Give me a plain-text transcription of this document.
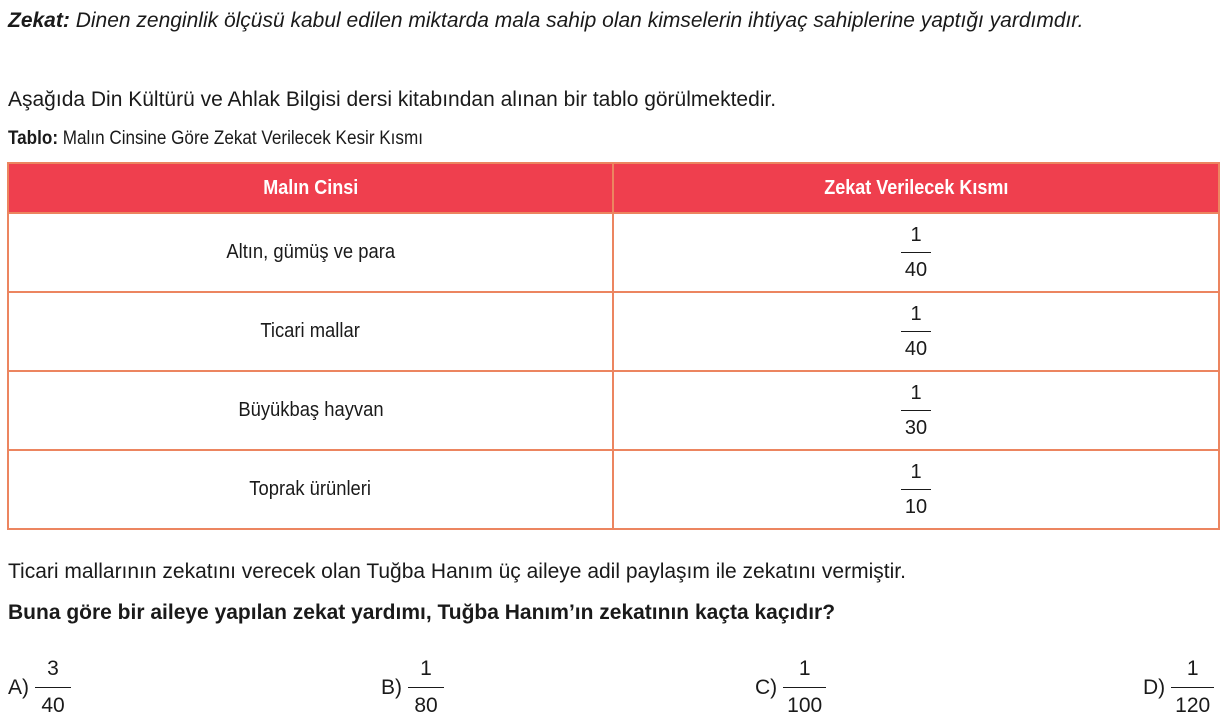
Zekat: Dinen zenginlik ölçüsü kabul edilen miktarda mala sahip olan kimselerin ihtiyaç sahiplerine yaptığı yardımdır.
Aşağıda Din Kültürü ve Ahlak Bilgisi dersi kitabından alınan bir tablo görülmektedir.
Tablo: Malın Cinsine Göre Zekat Verilecek Kesir Kısmı
Malın Cinsi	Zekat Verilecek Kısmı
Altın, gümüş ve para	$\frac{1}{40}$

Ticari mallar	$\frac{1}{40}$

Büyükbaş hayvan	$\frac{1}{30}$

Toprak ürünleri	$\frac{1}{10}$
Ticari mallarının zekatını verecek olan Tuğba Hanım üç aileye adil paylaşım ile zekatını vermiştir.
Buna göre bir aileye yapılan zekat yardımı, Tuğba Hanım’ın zekatının kaçta kaçıdır?
$A) \frac{3}{40}$	$B) \frac{1}{80}$	$C) \frac{1}{100}$	$D) \frac{1}{120}$
